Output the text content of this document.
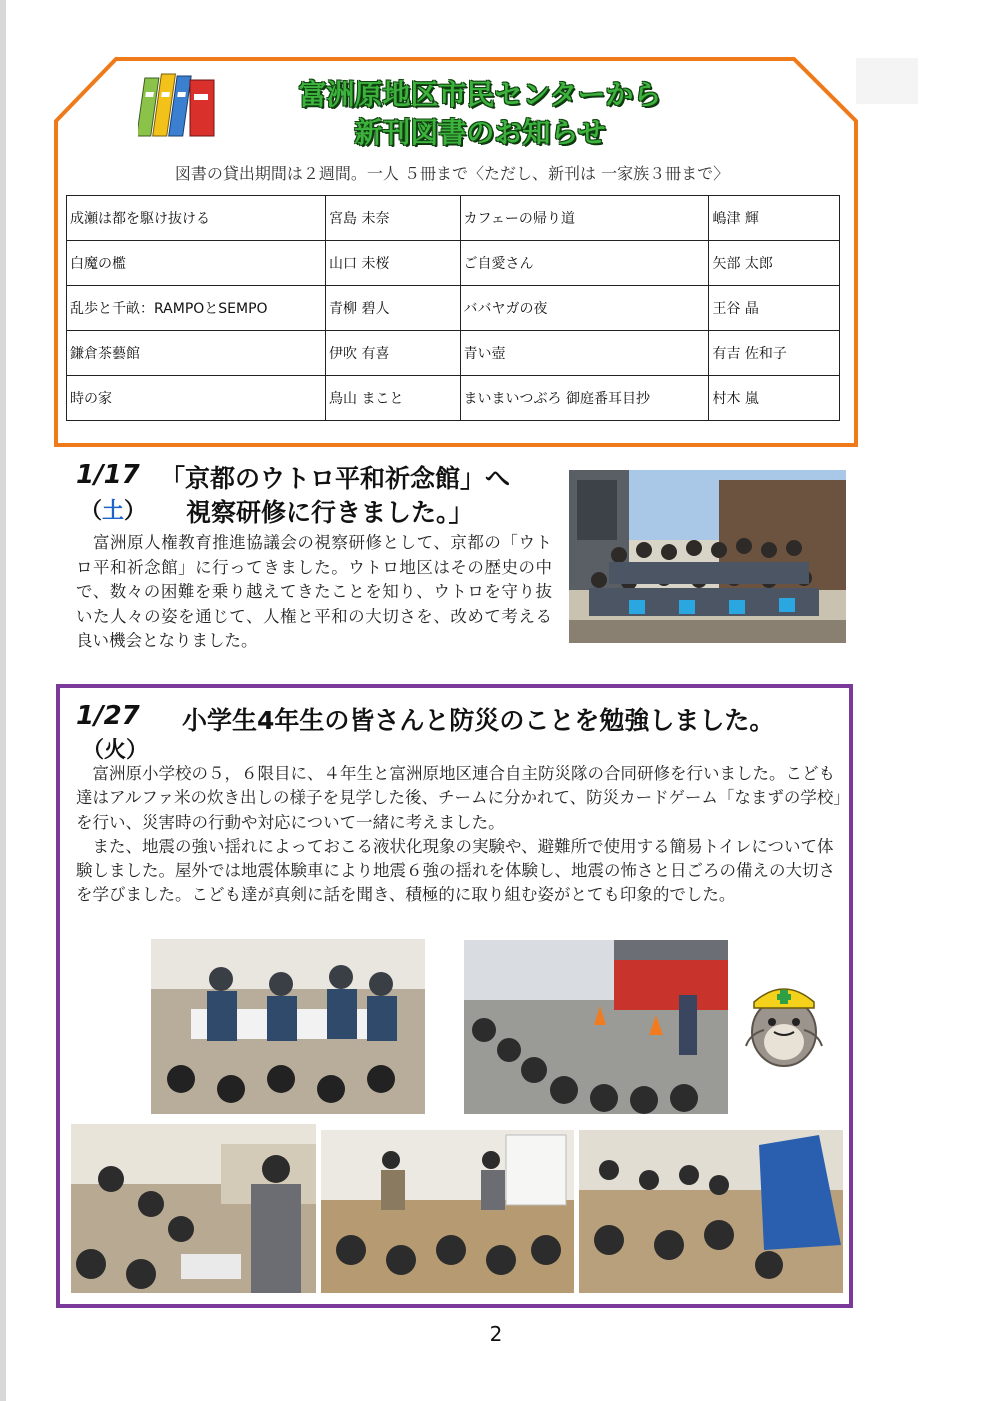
富洲原地区市民センターから
新刊図書のお知らせ
図書の貸出期間は２週間。一人 ５冊まで〈ただし、新刊は 一家族３冊まで〉
成瀬は都を駆け抜ける	宮島 未奈	カフェーの帰り道	嶋津 輝
白魔の檻	山口 未桜	ご自愛さん	矢部 太郎
乱歩と千畝：RAMPOとSEMPO	青柳 碧人	ババヤガの夜	王谷 晶
鎌倉茶藝館	伊吹 有喜	青い壺	有吉 佐和子
時の家	鳥山 まこと	まいまいつぶろ 御庭番耳目抄	村木 嵐
1/17
（土）
「京都のウトロ平和祈念館」へ
視察研修に行きました。」
　富洲原人権教育推進協議会の視察研修として、京都の「ウトロ平和祈念館」に行ってきました。ウトロ地区はその歴史の中で、数々の困難を乗り越えてきたことを知り、ウトロを守り抜いた人々の姿を通じて、人権と平和の大切さを、改めて考える良い機会となりました。
1/27
（火）
小学生4年生の皆さんと防災のことを勉強しました。

富洲原小学校の５，６限目に、４年生と富洲原地区連合自主防災隊の合同研修を行いました。こども達はアルファ米の炊き出しの様子を見学した後、チームに分かれて、防災カードゲーム「なまずの学校」を行い、災害時の行動や対応について一緒に考えました。

また、地震の強い揺れによっておこる液状化現象の実験や、避難所で使用する簡易トイレについて体験しました。屋外では地震体験車により地震６強の揺れを体験し、地震の怖さと日ごろの備えの大切さを学びました。こども達が真剣に話を聞き、積極的に取り組む姿がとても印象的でした。

2
